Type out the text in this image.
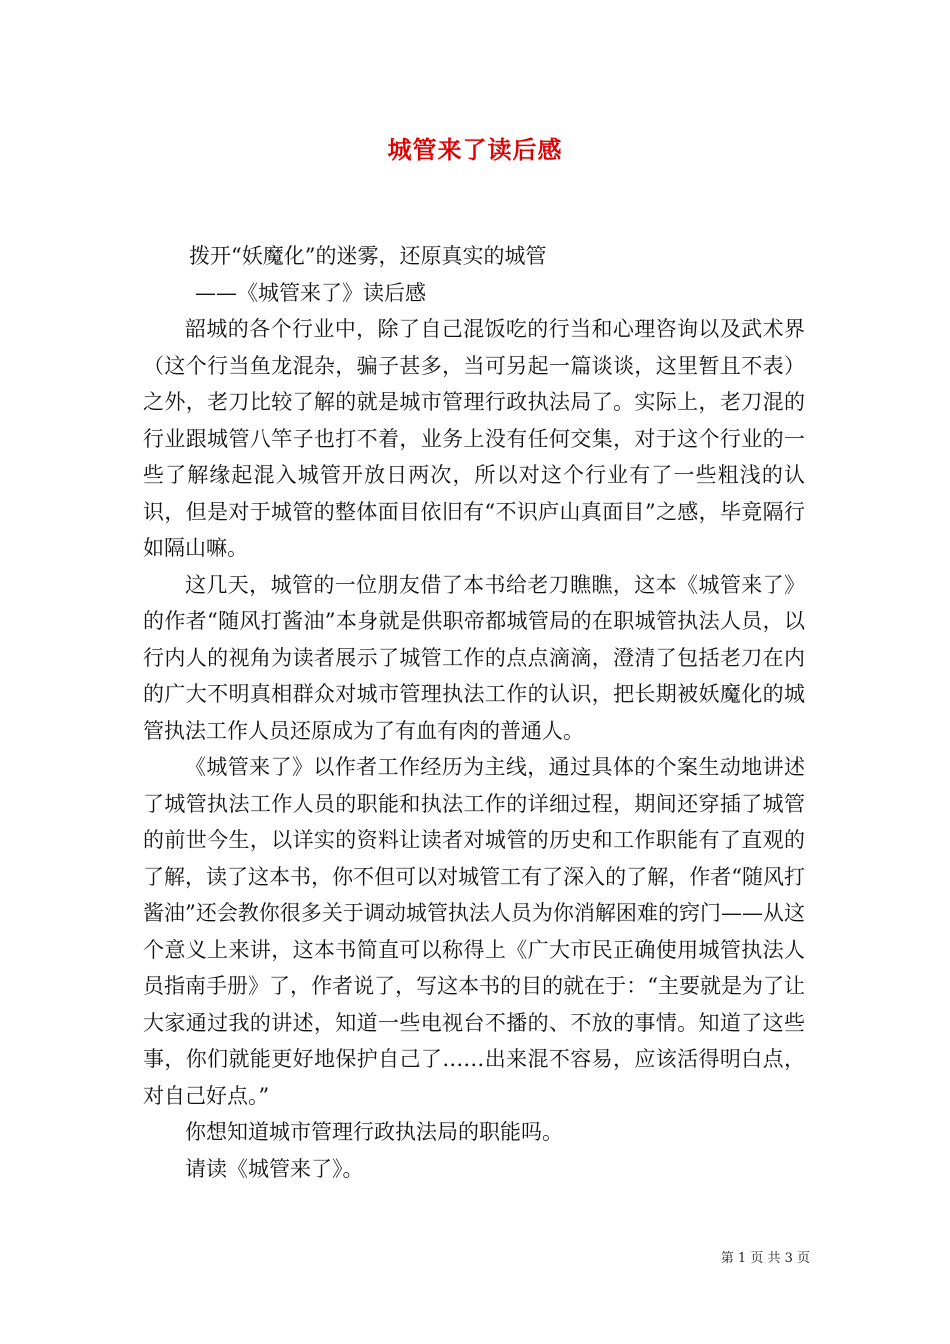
城管来了读后感
拨开“妖魔化”的迷雾，还原真实的城管
——《城管来了》读后感

韶城的各个行业中，除了自己混饭吃的行当和心理咨询以及武术界（这个行当鱼龙混杂，骗子甚多，当可另起一篇谈谈，这里暂且不表）之外，老刀比较了解的就是城市管理行政执法局了。实际上，老刀混的行业跟城管八竿子也打不着，业务上没有任何交集，对于这个行业的一些了解缘起混入城管开放日两次，所以对这个行业有了一些粗浅的认识，但是对于城管的整体面目依旧有“不识庐山真面目”之感，毕竟隔行如隔山嘛。

这几天，城管的一位朋友借了本书给老刀瞧瞧，这本《城管来了》的作者“随风打酱油”本身就是供职帝都城管局的在职城管执法人员，以行内人的视角为读者展示了城管工作的点点滴滴，澄清了包括老刀在内的广大不明真相群众对城市管理执法工作的认识，把长期被妖魔化的城管执法工作人员还原成为了有血有肉的普通人。

《城管来了》以作者工作经历为主线，通过具体的个案生动地讲述了城管执法工作人员的职能和执法工作的详细过程，期间还穿插了城管的前世今生，以详实的资料让读者对城管的历史和工作职能有了直观的了解，读了这本书，你不但可以对城管工有了深入的了解，作者“随风打酱油”还会教你很多关于调动城管执法人员为你消解困难的窍门——从这个意义上来讲，这本书简直可以称得上《广大市民正确使用城管执法人员指南手册》了，作者说了，写这本书的目的就在于：“主要就是为了让大家通过我的讲述，知道一些电视台不播的、不放的事情。知道了这些事，你们就能更好地保护自己了……出来混不容易，应该活得明白点，对自己好点。”

你想知道城市管理行政执法局的职能吗。

请读《城管来了》。

第 1 页 共 3 页
